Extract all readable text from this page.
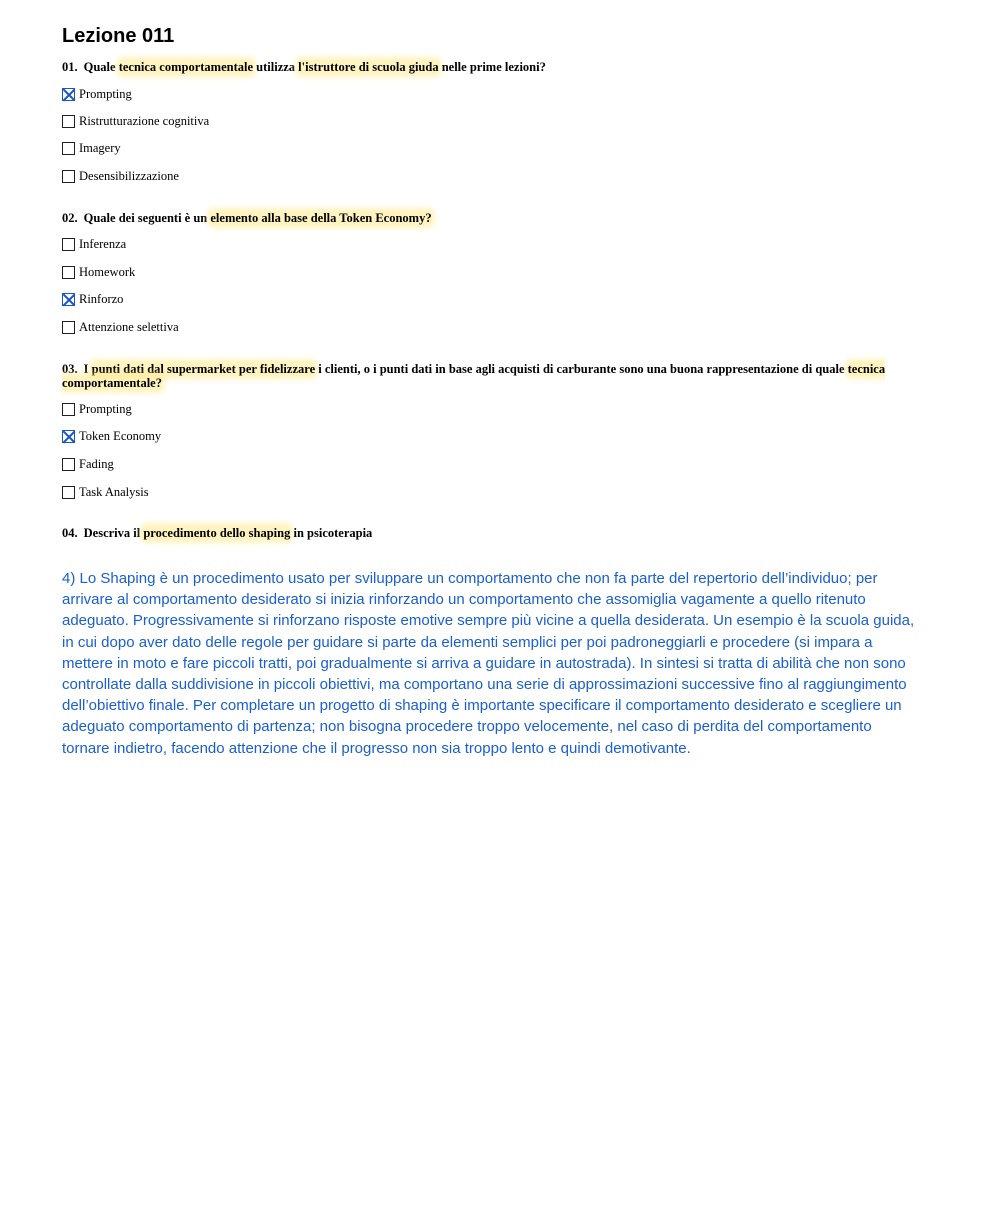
Lezione 011
01. Quale tecnica comportamentale utilizza l'istruttore di scuola giuda nelle prime lezioni?
Prompting
Ristrutturazione cognitiva
Imagery
Desensibilizzazione
02. Quale dei seguenti è un elemento alla base della Token Economy?
Inferenza
Homework
Rinforzo
Attenzione selettiva
03. I punti dati dal supermarket per fidelizzare i clienti, o i punti dati in base agli acquisti di carburante sono una buona rappresentazione di quale tecnica comportamentale?
Prompting
Token Economy
Fading
Task Analysis
04. Descriva il procedimento dello shaping in psicoterapia
4) Lo Shaping è un procedimento usato per sviluppare un comportamento che non fa parte del repertorio dell’individuo; per arrivare al comportamento desiderato si inizia rinforzando un comportamento che assomiglia vagamente a quello ritenuto adeguato. Progressivamente si rinforzano risposte emotive sempre più vicine a quella desiderata. Un esempio è la scuola guida, in cui dopo aver dato delle regole per guidare si parte da elementi semplici per poi padroneggiarli e procedere (si impara a mettere in moto e fare piccoli tratti, poi gradualmente si arriva a guidare in autostrada). In sintesi si tratta di abilità che non sono controllate dalla suddivisione in piccoli obiettivi, ma comportano una serie di approssimazioni successive fino al raggiungimento dell’obiettivo finale. Per completare un progetto di shaping è importante specificare il comportamento desiderato e scegliere un adeguato comportamento di partenza; non bisogna procedere troppo velocemente, nel caso di perdita del comportamento tornare indietro, facendo attenzione che il progresso non sia troppo lento e quindi demotivante.
